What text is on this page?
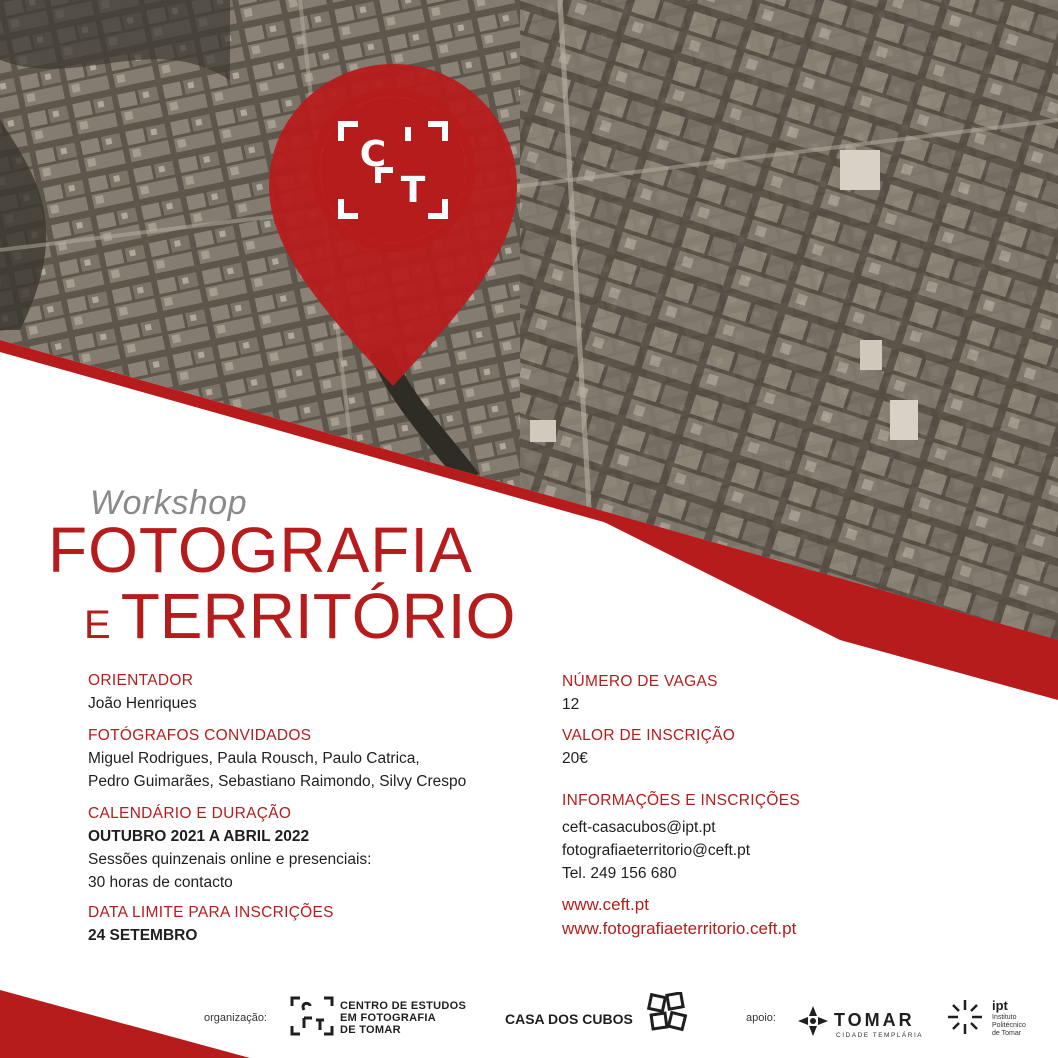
C
T
Workshop
FOTOGRAFIA
E TERRITÓRIO

ORIENTADOR

João Henriques

FOTÓGRAFOS CONVIDADOS

Miguel Rodrigues, Paula Rousch, Paulo Catrica,

Pedro Guimarães, Sebastiano Raimondo, Silvy Crespo

CALENDÁRIO E DURAÇÃO

OUTUBRO 2021 A ABRIL 2022

Sessões quinzenais online e presenciais:

30 horas de contacto

DATA LIMITE PARA INSCRIÇÕES

24 SETEMBRO

NÚMERO DE VAGAS

12

VALOR DE INSCRIÇÃO

20€

INFORMAÇÕES E INSCRIÇÕES

ceft-casacubos@ipt.pt

fotografiaeterritorio@ceft.pt

Tel. 249 156 680

www.ceft.pt

www.fotografiaeterritorio.ceft.pt

organização:
CENTRO DE ESTUDOS
EM FOTOGRAFIA
DE TOMAR
CASA DOS CUBOS	apoio:	TOMAR
CIDADE TEMPLÁRIA
ipt
Instituto
Politécnico
de Tomar
